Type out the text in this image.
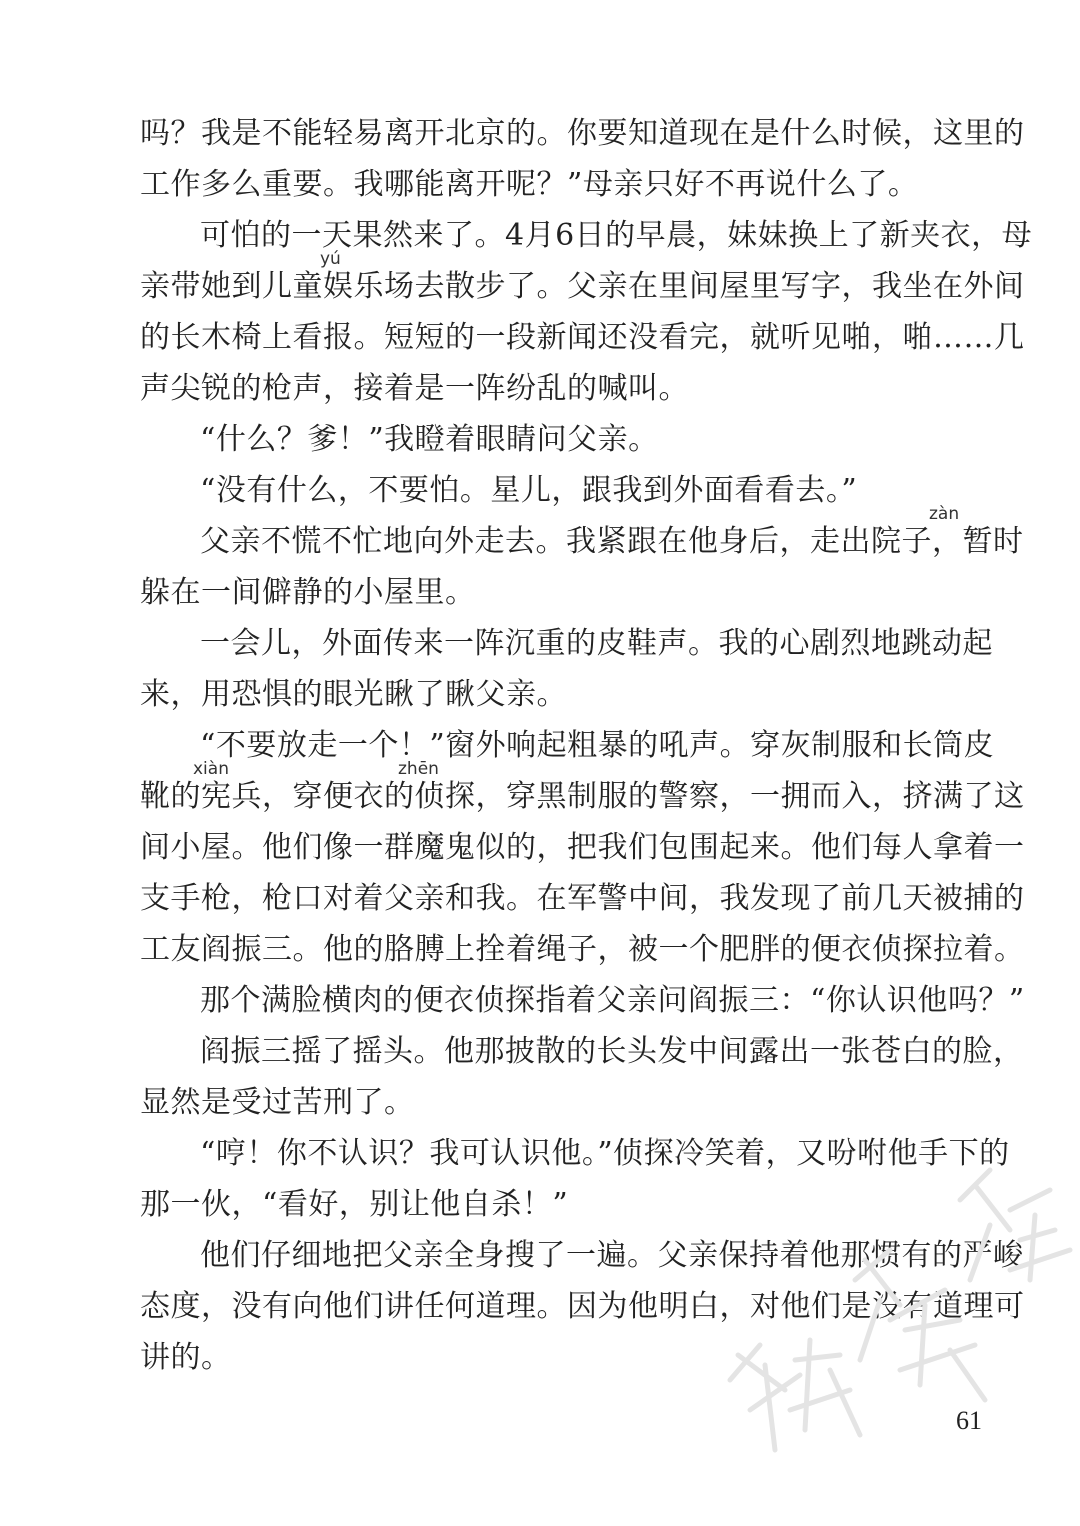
吗？我是不能轻易离开北京的。你要知道现在是什么时候，这里的
工作多么重要。我哪能离开呢？”母亲只好不再说什么了。
可怕的一天果然来了。4月6日的早晨，妹妹换上了新夹衣，母
亲带她到儿童娱乐场去散步了。父亲在里间屋里写字，我坐在外间
的长木椅上看报。短短的一段新闻还没看完，就听见啪，啪……几
声尖锐的枪声，接着是一阵纷乱的喊叫。
“什么？爹！”我瞪着眼睛问父亲。
“没有什么，不要怕。星儿，跟我到外面看看去。”
父亲不慌不忙地向外走去。我紧跟在他身后，走出院子，暂时
躲在一间僻静的小屋里。
一会儿，外面传来一阵沉重的皮鞋声。我的心剧烈地跳动起
来，用恐惧的眼光瞅了瞅父亲。
“不要放走一个！”窗外响起粗暴的吼声。穿灰制服和长筒皮
靴的宪兵，穿便衣的侦探，穿黑制服的警察，一拥而入，挤满了这
间小屋。他们像一群魔鬼似的，把我们包围起来。他们每人拿着一
支手枪，枪口对着父亲和我。在军警中间，我发现了前几天被捕的
工友阎振三。他的胳膊上拴着绳子，被一个肥胖的便衣侦探拉着。
那个满脸横肉的便衣侦探指着父亲问阎振三：“你认识他吗？”
阎振三摇了摇头。他那披散的长头发中间露出一张苍白的脸，
显然是受过苦刑了。
“哼！你不认识？我可认识他。”侦探冷笑着，又吩咐他手下的
那一伙，“看好，别让他自杀！”
他们仔细地把父亲全身搜了一遍。父亲保持着他那惯有的严峻
态度，没有向他们讲任何道理。因为他明白，对他们是没有道理可
讲的。
yú
zàn
xiàn	zhēn
61
